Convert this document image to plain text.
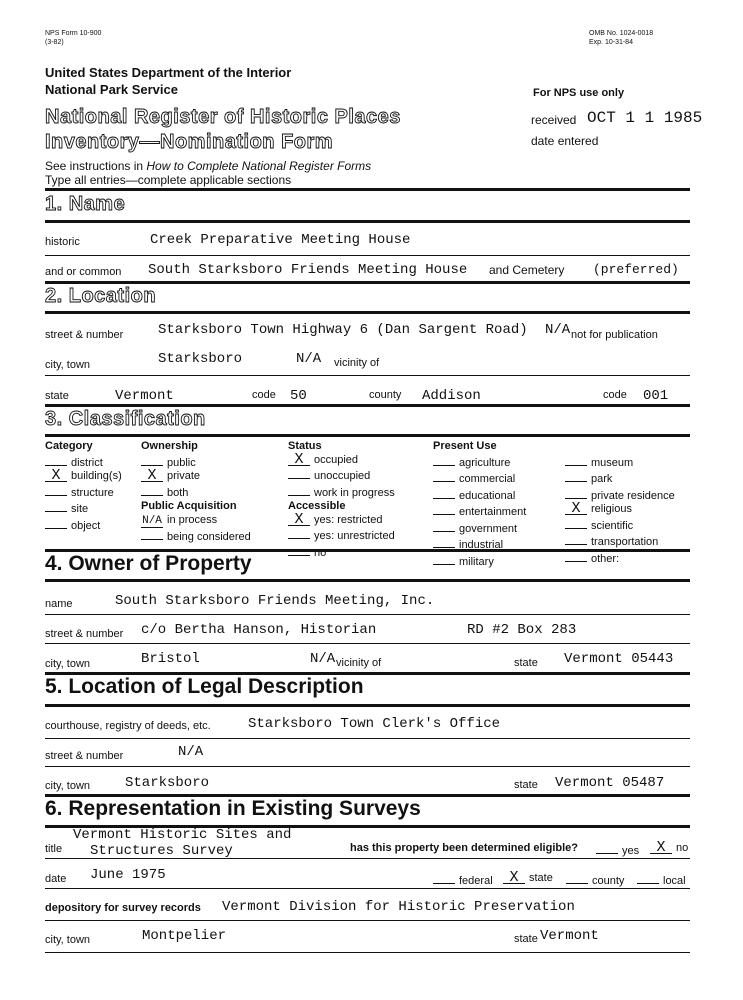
NPS Form 10-900
(3-82)
OMB No. 1024-0018
Exp. 10-31-84
United States Department of the Interior
National Park Service
National Register of Historic Places
Inventory—Nomination Form
For NPS use only
received OCT 1 1 1985
date entered
See instructions in How to Complete National Register Forms
Type all entries—complete applicable sections
1. Name
historic	Creek Preparative Meeting House
and or common South Starksboro Friends Meeting House and Cemetery (preferred)
2. Location
street & number Starksboro Town Highway 6 (Dan Sargent Road) N/A not for publication
city, town	Starksboro	N/A vicinity of
state	Vermont	code 50	county Addison	code 001
3. Classification
Category
district
X building(s)
structure
site
object
Ownership
public
X private
both
Public Acquisition
N/A in process
being considered
Status
X occupied
unoccupied
work in progress
Accessible
X yes: restricted
yes: unrestricted
no
Present Use
agriculture
commercial
educational
entertainment
government
industrial
military
museum
park
private residence
X religious
scientific
transportation
other:
4. Owner of Property
name	South Starksboro Friends Meeting, Inc.
street & number c/o Bertha Hanson, Historian	RD #2 Box 283
city, town	Bristol	N/A vicinity of	state Vermont 05443
5. Location of Legal Description
courthouse, registry of deeds, etc.	Starksboro Town Clerk's Office
street & number	N/A
city, town Starksboro	state Vermont 05487
6. Representation in Existing Surveys
Vermont Historic Sites and
title Structures Survey	has this property been determined eligible?	yes	X no
date June 1975	federal	X state	county	local
depository for survey records Vermont Division for Historic Preservation
city, town	Montpelier	state Vermont
